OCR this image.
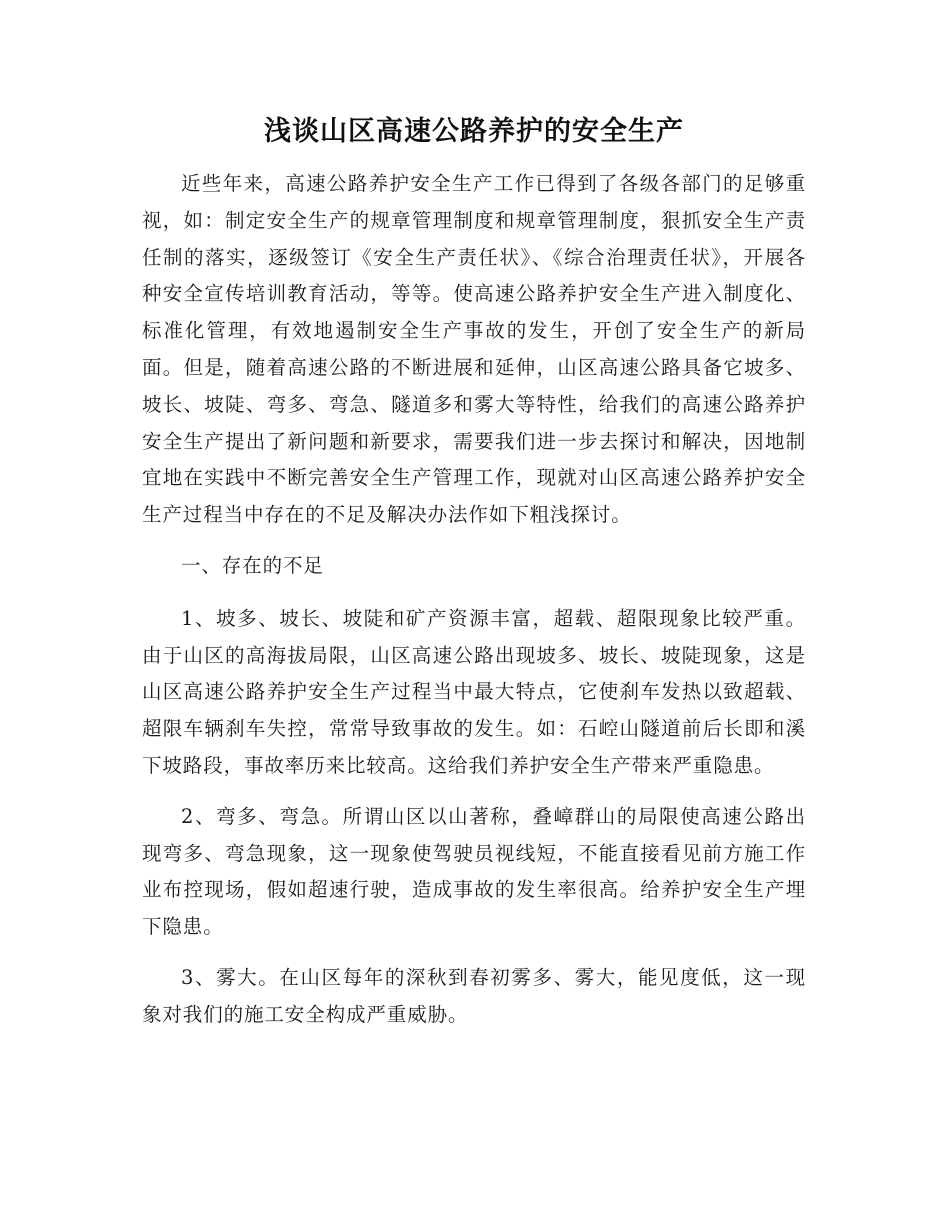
浅谈山区高速公路养护的安全生产

近些年来，高速公路养护安全生产工作已得到了各级各部门的足够重视，如：制定安全生产的规章管理制度和规章管理制度，狠抓安全生产责任制的落实，逐级签订《安全生产责任状》、《综合治理责任状》，开展各种安全宣传培训教育活动，等等。使高速公路养护安全生产进入制度化、标准化管理，有效地遏制安全生产事故的发生，开创了安全生产的新局面。但是，随着高速公路的不断进展和延伸，山区高速公路具备它坡多、坡长、坡陡、弯多、弯急、隧道多和雾大等特性，给我们的高速公路养护安全生产提出了新问题和新要求，需要我们进一步去探讨和解决，因地制宜地在实践中不断完善安全生产管理工作，现就对山区高速公路养护安全生产过程当中存在的不足及解决办法作如下粗浅探讨。

一、存在的不足

1、坡多、坡长、坡陡和矿产资源丰富，超载、超限现象比较严重。由于山区的高海拔局限，山区高速公路出现坡多、坡长、坡陡现象，这是山区高速公路养护安全生产过程当中最大特点，它使刹车发热以致超载、超限车辆刹车失控，常常导致事故的发生。如：石崆山隧道前后长即和溪下坡路段，事故率历来比较高。这给我们养护安全生产带来严重隐患。

2、弯多、弯急。所谓山区以山著称，叠嶂群山的局限使高速公路出现弯多、弯急现象，这一现象使驾驶员视线短，不能直接看见前方施工作业布控现场，假如超速行驶，造成事故的发生率很高。给养护安全生产埋下隐患。

3、雾大。在山区每年的深秋到春初雾多、雾大，能见度低，这一现象对我们的施工安全构成严重威胁。
